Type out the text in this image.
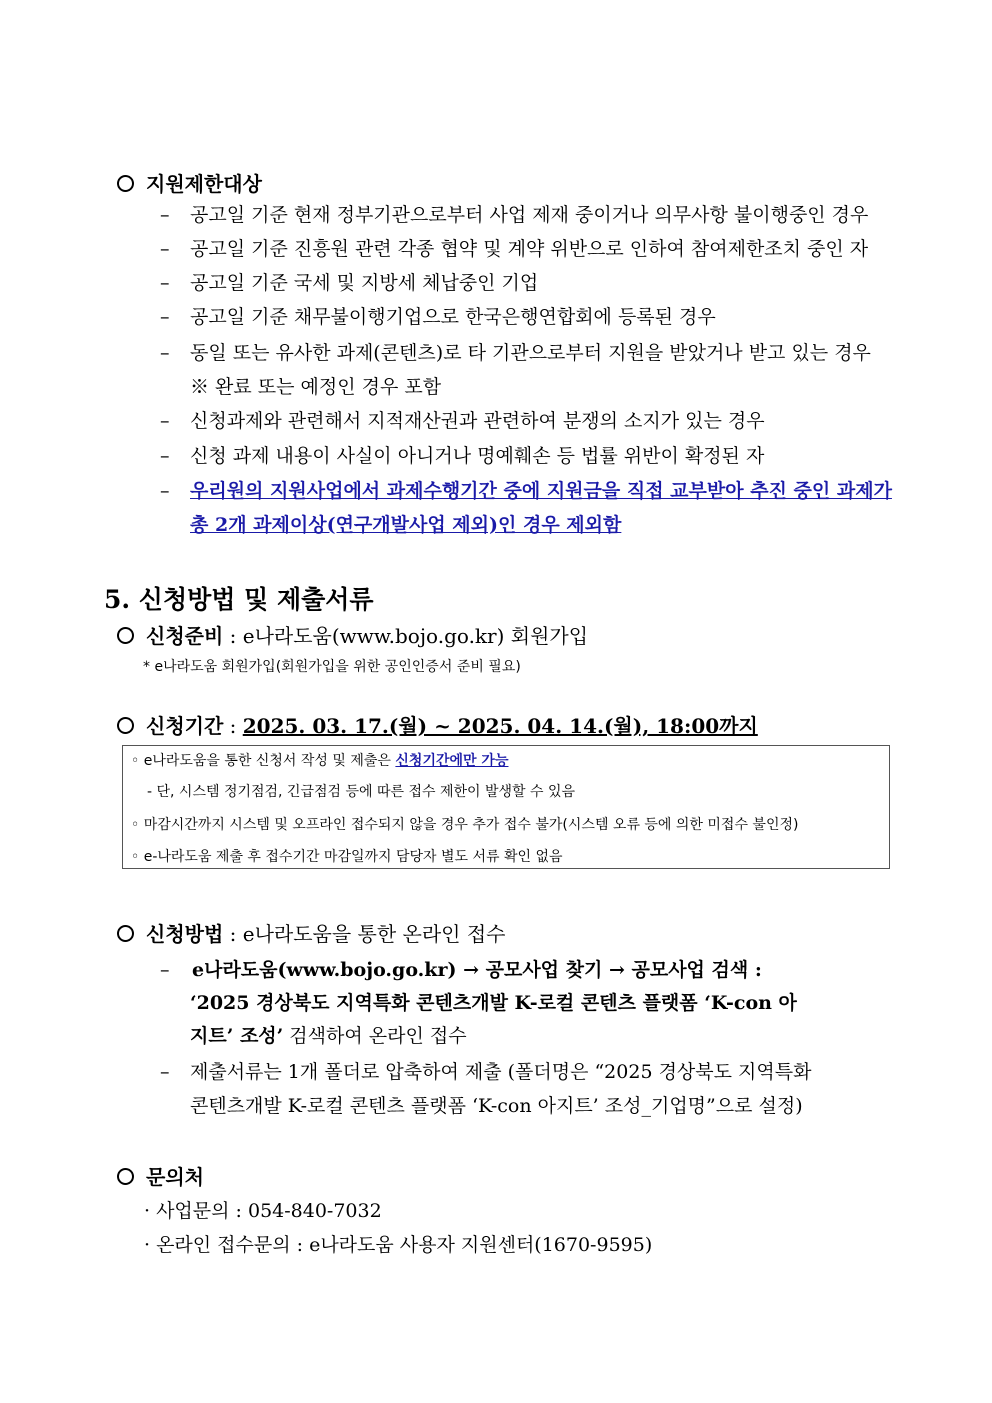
지원제한대상
– 공고일 기준 현재 정부기관으로부터 사업 제재 중이거나 의무사항 불이행중인 경우
– 공고일 기준 진흥원 관련 각종 협약 및 계약 위반으로 인하여 참여제한조치 중인 자
– 공고일 기준 국세 및 지방세 체납중인 기업
– 공고일 기준 채무불이행기업으로 한국은행연합회에 등록된 경우
– 동일 또는 유사한 과제(콘텐츠)로 타 기관으로부터 지원을 받았거나 받고 있는 경우
※ 완료 또는 예정인 경우 포함
– 신청과제와 관련해서 지적재산권과 관련하여 분쟁의 소지가 있는 경우
– 신청 과제 내용이 사실이 아니거나 명예훼손 등 법률 위반이 확정된 자
– 우리원의 지원사업에서 과제수행기간 중에 지원금을 직접 교부받아 추진 중인 과제가
총 2개 과제이상(연구개발사업 제외)인 경우 제외함
5. 신청방법 및 제출서류
신청준비 : e나라도움(www.bojo.go.kr) 회원가입
* e나라도움 회원가입(회원가입을 위한 공인인증서 준비 필요)
신청기간 : 2025. 03. 17.(월) ~ 2025. 04. 14.(월), 18:00까지
◦ e나라도움을 통한 신청서 작성 및 제출은 신청기간에만 가능
- 단, 시스템 정기점검, 긴급점검 등에 따른 접수 제한이 발생할 수 있음
◦ 마감시간까지 시스템 및 오프라인 접수되지 않을 경우 추가 접수 불가(시스템 오류 등에 의한 미접수 불인정)
◦ e-나라도움 제출 후 접수기간 마감일까지 담당자 별도 서류 확인 없음
신청방법 : e나라도움을 통한 온라인 접수
– e나라도움(www.bojo.go.kr) → 공모사업 찾기 → 공모사업 검색 :
‘2025 경상북도 지역특화 콘텐츠개발 K-로컬 콘텐츠 플랫폼 ‘K-con 아
지트’ 조성’ 검색하여 온라인 접수
– 제출서류는 1개 폴더로 압축하여 제출 (폴더명은 “2025 경상북도 지역특화
콘텐츠개발 K-로컬 콘텐츠 플랫폼 ‘K-con 아지트’ 조성_기업명”으로 설정)
문의처
· 사업문의 : 054-840-7032
· 온라인 접수문의 : e나라도움 사용자 지원센터(1670-9595)
